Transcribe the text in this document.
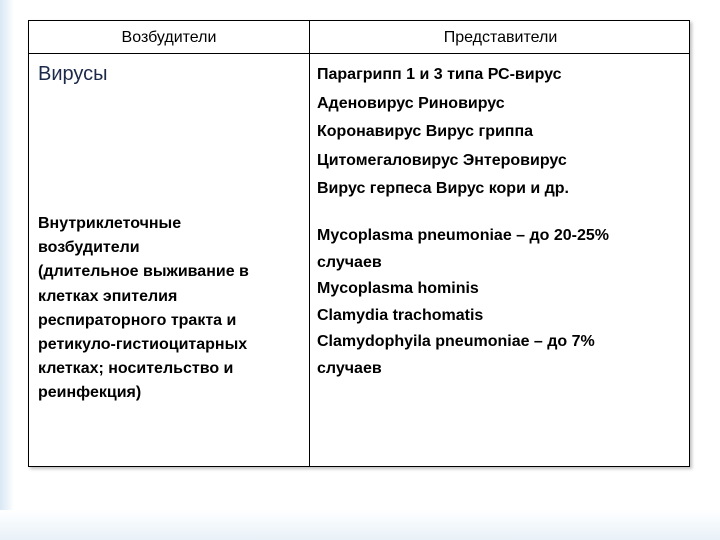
Возбудители	Представители
Вирусы	Парагрипп 1 и 3 типа РС-вирус
Аденовирус Риновирус
Коронавирус Вирус гриппа
Цитомегаловирус Энтеровирус
Вирус герпеса Вирус кори и др.
Внутриклеточные
возбудители
(длительное выживание в
клетках эпителия
респираторного тракта и
ретикуло-гистиоцитарных
клетках; носительство и
реинфекция)
Mycoplasma pneumoniae – до 20-25%
случаев
Mycoplasma hominis
Clamydia trachomatis
Clamydophyila pneumoniae – до 7%
случаев
